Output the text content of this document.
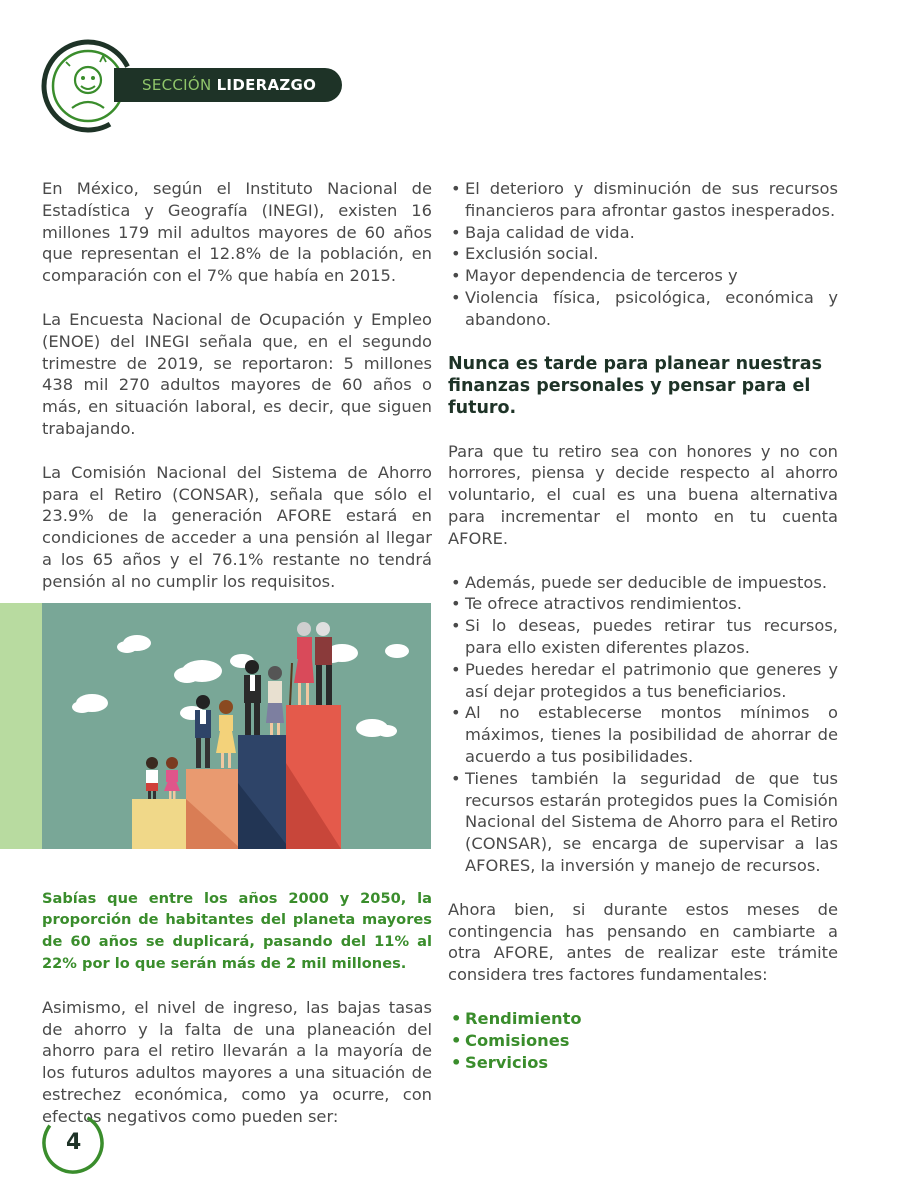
SECCIÓN LIDERAZGO

En México, según el Instituto Nacional de Estadística y Geografía (INEGI), existen 16 millones 179 mil adultos mayores de 60 años que representan el 12.8% de la población, en comparación con el 7% que había en 2015.

La Encuesta Nacional de Ocupación y Empleo (ENOE) del INEGI señala que, en el segundo trimestre de 2019, se reportaron: 5 millones 438 mil 270 adultos mayores de 60 años o más, en situación laboral, es decir, que siguen trabajando.

La Comisión Nacional del Sistema de Ahorro para el Retiro (CONSAR), señala que sólo el 23.9% de la generación AFORE estará en condiciones de acceder a una pensión al llegar a los 65 años y el 76.1% restante no tendrá pensión al no cumplir los requisitos.

Sabías que entre los años 2000 y 2050, la proporción de habitantes del planeta mayores de 60 años se duplicará, pasando del 11% al 22% por lo que serán más de 2 mil millones.

Asimismo, el nivel de ingreso, las bajas tasas de ahorro y la falta de una planeación del ahorro para el retiro llevarán a la mayoría de los futuros adultos mayores a una situación de estrechez económica, como ya ocurre, con efectos negativos como pueden ser:

• El deterioro y disminución de sus recursos financieros para afrontar gastos inesperados.
• Baja calidad de vida.
• Exclusión social.
• Mayor dependencia de terceros y
• Violencia física, psicológica, económica y abandono.
Nunca es tarde para planear nuestras finanzas personales y pensar para el futuro.

Para que tu retiro sea con honores y no con horrores, piensa y decide respecto al ahorro voluntario, el cual es una buena alternativa para incrementar el monto en tu cuenta AFORE.

• Además, puede ser deducible de impuestos.
• Te ofrece atractivos rendimientos.
• Si lo deseas, puedes retirar tus recursos, para ello existen diferentes plazos.
• Puedes heredar el patrimonio que generes y así dejar protegidos a tus beneficiarios.
• Al no establecerse montos mínimos o máximos, tienes la posibilidad de ahorrar de acuerdo a tus posibilidades.
• Tienes también la seguridad de que tus recursos estarán protegidos pues la Comisión Nacional del Sistema de Ahorro para el Retiro (CONSAR), se encarga de supervisar a las AFORES, la inversión y manejo de recursos.

Ahora bien, si durante estos meses de contingencia has pensando en cambiarte a otra AFORE, antes de realizar este trámite considera tres factores fundamentales:

• Rendimiento
• Comisiones
• Servicios
4
